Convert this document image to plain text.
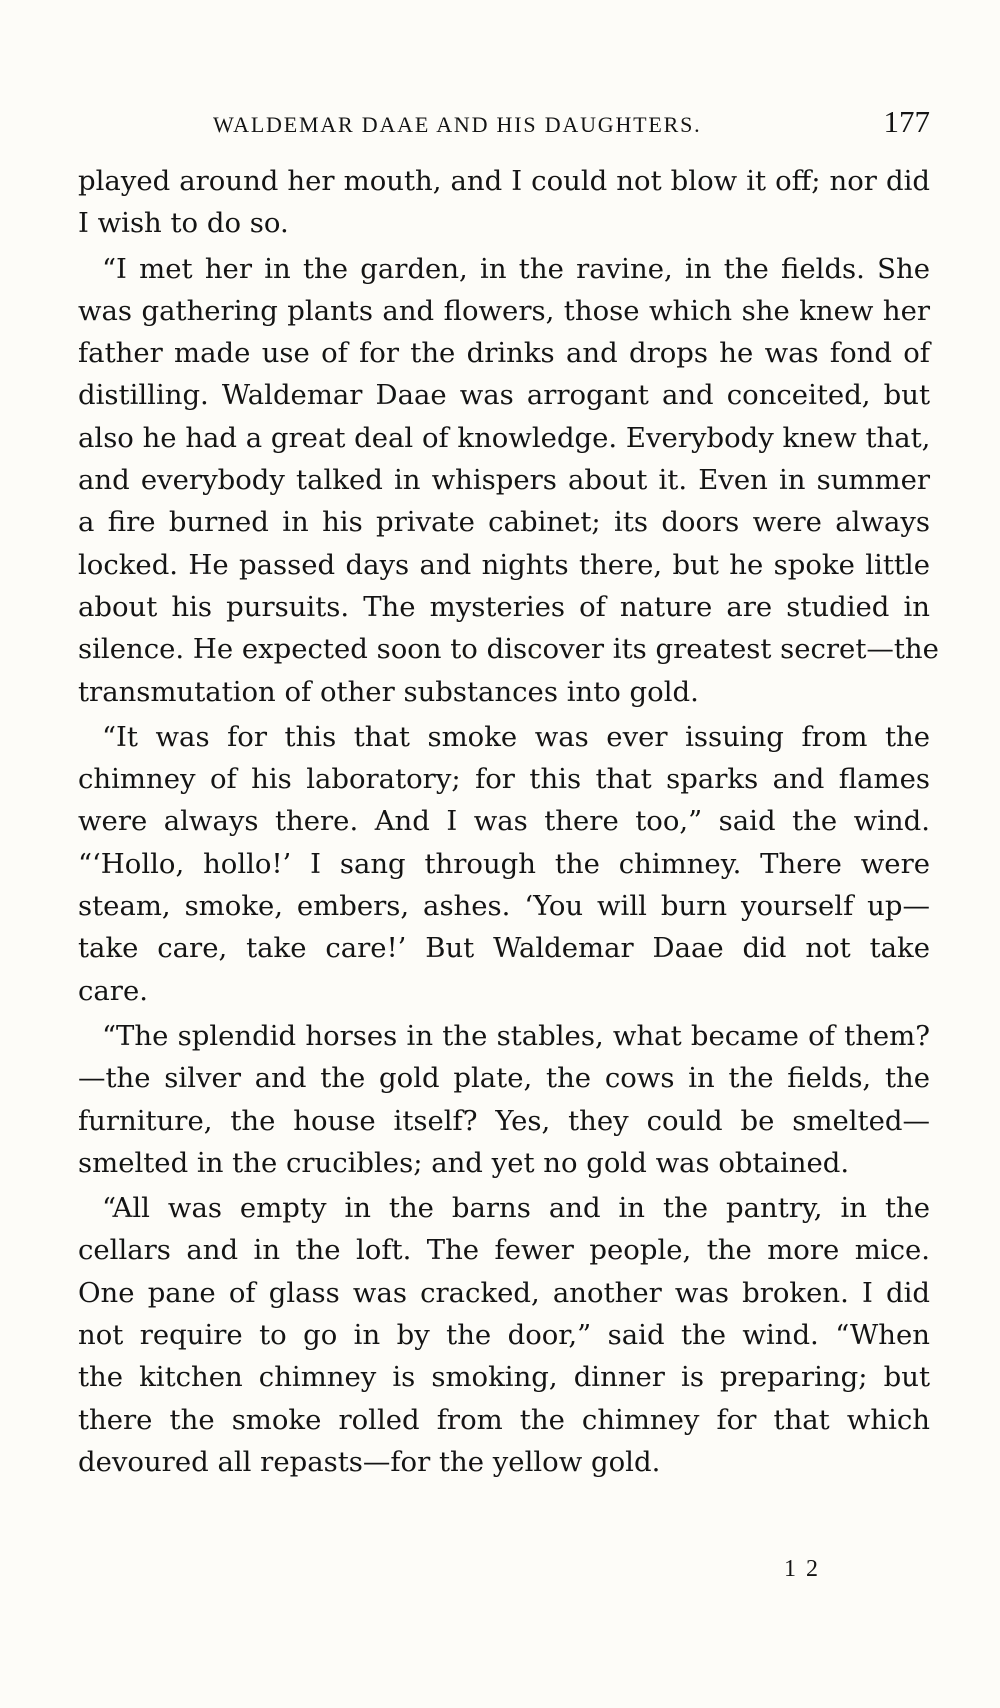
WALDEMAR DAAE AND HIS DAUGHTERS.	177
played around her mouth, and I could not blow it off; nor did
I wish to do so.
“I met her in the garden, in the ravine, in the fields. She
was gathering plants and flowers, those which she knew her
father made use of for the drinks and drops he was fond of
distilling. Waldemar Daae was arrogant and conceited, but
also he had a great deal of knowledge. Everybody knew that,
and everybody talked in whispers about it. Even in summer
a fire burned in his private cabinet; its doors were always
locked. He passed days and nights there, but he spoke little
about his pursuits. The mysteries of nature are studied in
silence. He expected soon to discover its greatest secret—the
transmutation of other substances into gold.
“It was for this that smoke was ever issuing from the
chimney of his laboratory; for this that sparks and flames
were always there. And I was there too,” said the wind.
“‘Hollo, hollo!’ I sang through the chimney. There were
steam, smoke, embers, ashes. ‘You will burn yourself up—
take care, take care!’ But Waldemar Daae did not take
care.
“The splendid horses in the stables, what became of them?
—the silver and the gold plate, the cows in the fields, the
furniture, the house itself? Yes, they could be smelted—
smelted in the crucibles; and yet no gold was obtained.
“All was empty in the barns and in the pantry, in the
cellars and in the loft. The fewer people, the more mice.
One pane of glass was cracked, another was broken. I did
not require to go in by the door,” said the wind. “When
the kitchen chimney is smoking, dinner is preparing; but
there the smoke rolled from the chimney for that which
devoured all repasts—for the yellow gold.
1 2
